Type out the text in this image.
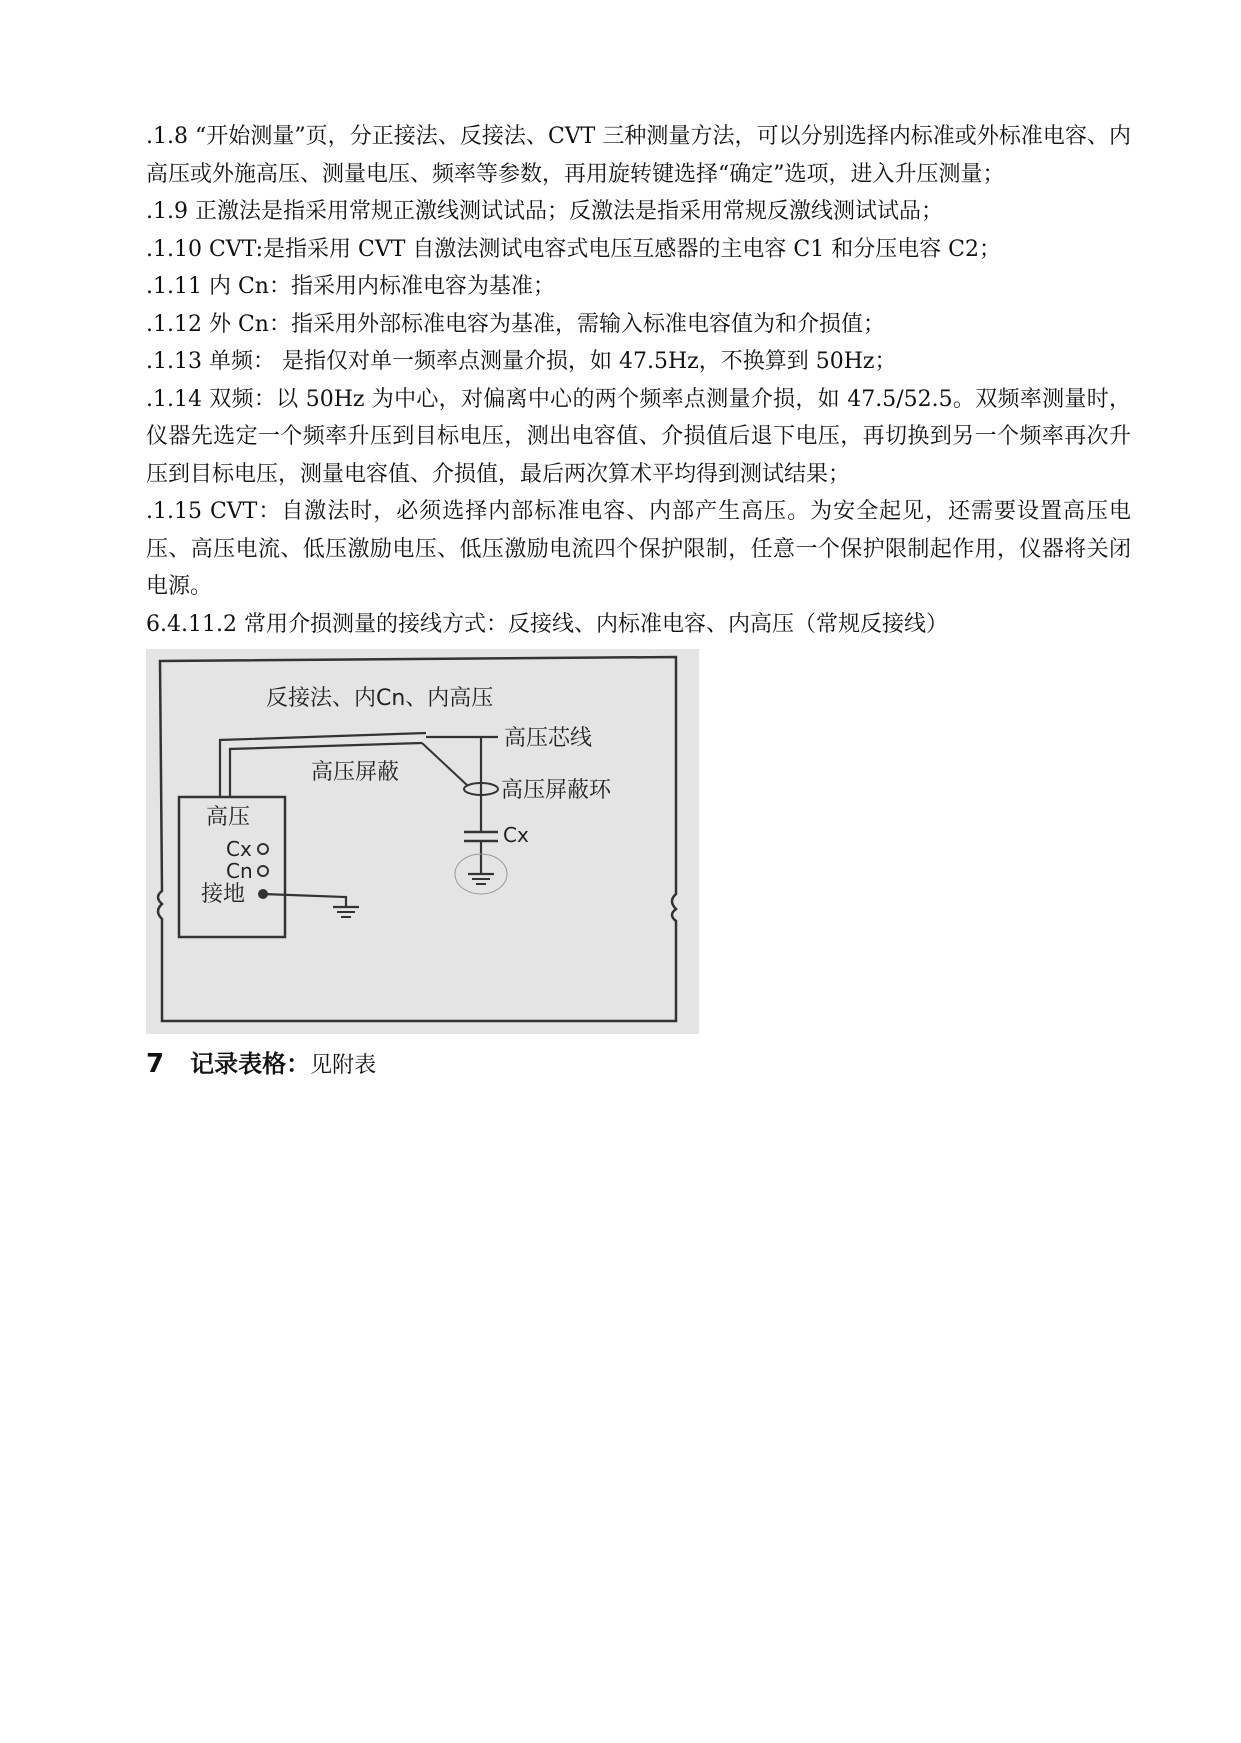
.1.8 “开始测量”页，分正接法、反接法、CVT 三种测量方法，可以分别选择内标准或外标准电容、内高压或外施高压、测量电压、频率等参数，再用旋转键选择“确定”选项，进入升压测量；

.1.9 正激法是指采用常规正激线测试试品；反激法是指采用常规反激线测试试品；

.1.10 CVT:是指采用 CVT 自激法测试电容式电压互感器的主电容 C1 和分压电容 C2；

.1.11 内 Cn：指采用内标准电容为基准；

.1.12 外 Cn：指采用外部标准电容为基准，需输入标准电容值为和介损值；

.1.13 单频： 是指仅对单一频率点测量介损，如 47.5Hz，不换算到 50Hz；

.1.14 双频：以 50Hz 为中心，对偏离中心的两个频率点测量介损，如 47.5/52.5。双频率测量时，仪器先选定一个频率升压到目标电压，测出电容值、介损值后退下电压，再切换到另一个频率再次升压到目标电压，测量电容值、介损值，最后两次算术平均得到测试结果；

.1.15 CVT：自激法时，必须选择内部标准电容、内部产生高压。为安全起见，还需要设置高压电压、高压电流、低压激励电压、低压激励电流四个保护限制，任意一个保护限制起作用，仪器将关闭电源。

6.4.11.2 常用介损测量的接线方式：反接线、内标准电容、内高压（常规反接线）

反接法、内Cn、内高压
高压芯线
高压屏蔽
高压屏蔽环
Cx
高压
Cx
Cn
接地
7 记录表格：见附表
